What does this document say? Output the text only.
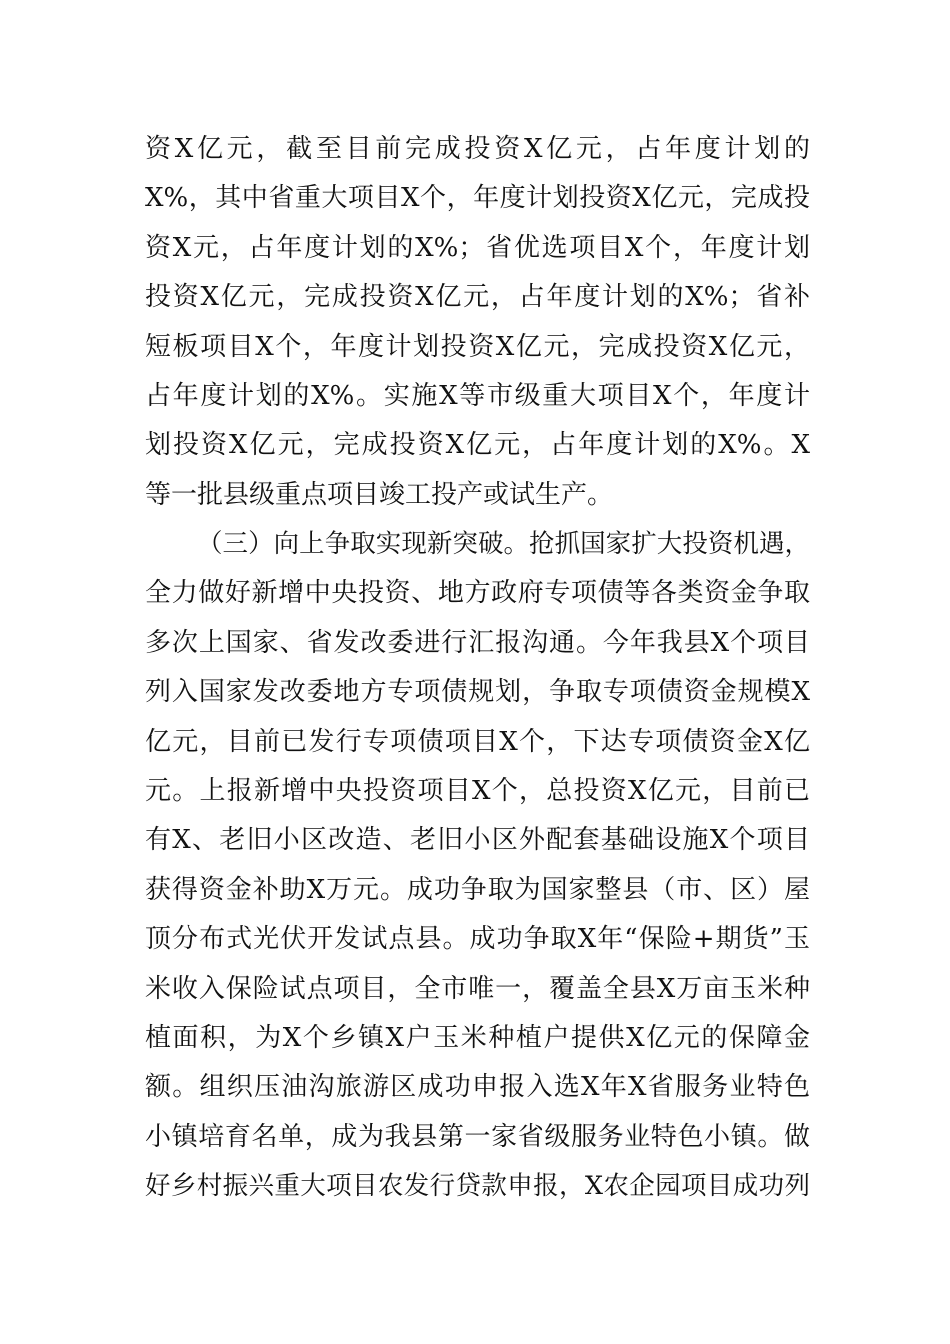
资X亿元，截至目前完成投资X亿元，占年度计划的
X%，其中省重大项目X个，年度计划投资X亿元，完成投
资X元，占年度计划的X%；省优选项目X个，年度计划
投资X亿元，完成投资X亿元，占年度计划的X%；省补
短板项目X个，年度计划投资X亿元，完成投资X亿元，
占年度计划的X%。实施X等市级重大项目X个，年度计
划投资X亿元，完成投资X亿元，占年度计划的X%。X
等一批县级重点项目竣工投产或试生产。
（三）向上争取实现新突破。抢抓国家扩大投资机遇，
全力做好新增中央投资、地方政府专项债等各类资金争取
多次上国家、省发改委进行汇报沟通。今年我县X个项目
列入国家发改委地方专项债规划，争取专项债资金规模X
亿元，目前已发行专项债项目X个，下达专项债资金X亿
元。上报新增中央投资项目X个，总投资X亿元，目前已
有X、老旧小区改造、老旧小区外配套基础设施X个项目
获得资金补助X万元。成功争取为国家整县（市、区）屋
顶分布式光伏开发试点县。成功争取X年“保险+期货”玉
米收入保险试点项目，全市唯一，覆盖全县X万亩玉米种
植面积，为X个乡镇X户玉米种植户提供X亿元的保障金
额。组织压油沟旅游区成功申报入选X年X省服务业特色
小镇培育名单，成为我县第一家省级服务业特色小镇。做
好乡村振兴重大项目农发行贷款申报，X农企园项目成功列
